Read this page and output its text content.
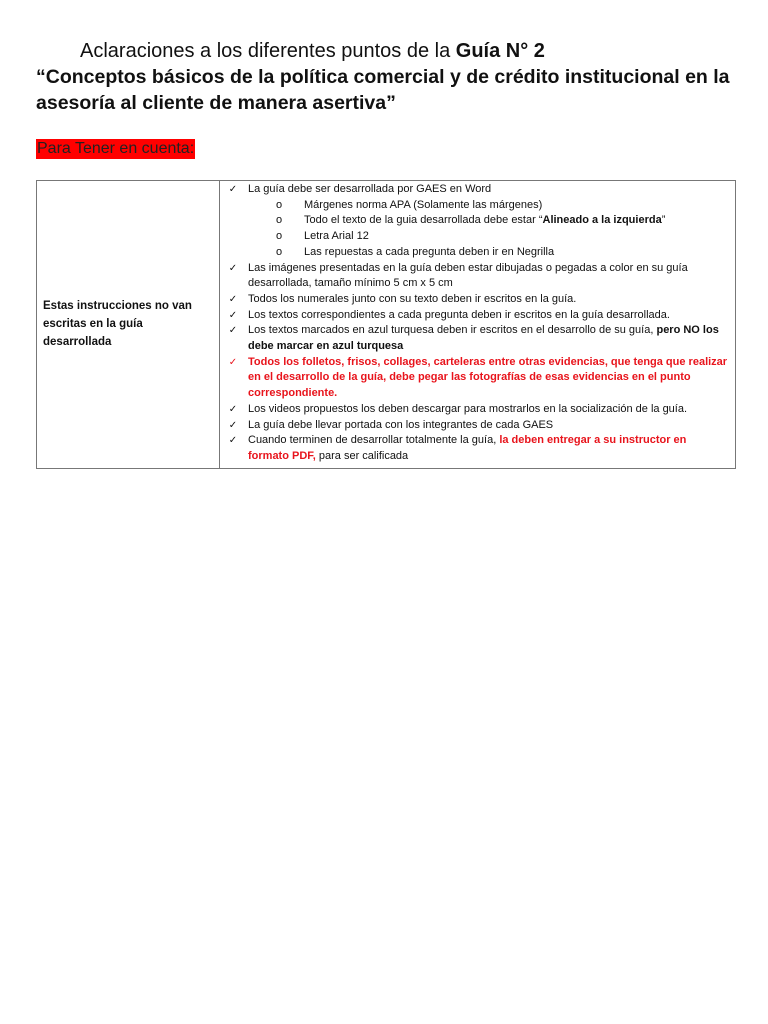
Aclaraciones a los diferentes puntos de la Guía N° 2
“Conceptos básicos de la política comercial y de crédito institucional en la asesoría al cliente de manera asertiva”
Para Tener en cuenta:
Estas instrucciones no van escritas en la guía desarrollada	
✓ La guía debe ser desarrollada por GAES en Word
o Márgenes norma APA (Solamente las márgenes)
o Todo el texto de la guia desarrollada debe estar “Alineado a la izquierda”
o Letra Arial 12
o Las repuestas a cada pregunta deben ir en Negrilla
✓ Las imágenes presentadas en la guía deben estar dibujadas o pegadas a color en su guía desarrollada, tamaño mínimo 5 cm x 5 cm
✓ Todos los numerales junto con su texto deben ir escritos en la guía.
✓ Los textos correspondientes a cada pregunta deben ir escritos en la guía desarrollada.
✓ Los textos marcados en azul turquesa deben ir escritos en el desarrollo de su guía, pero NO los debe marcar en azul turquesa
✓ Todos los folletos, frisos, collages, carteleras entre otras evidencias, que tenga que realizar en el desarrollo de la guía, debe pegar las fotografías de esas evidencias en el punto correspondiente.
✓ Los videos propuestos los deben descargar para mostrarlos en la socialización de la guía.
✓ La guía debe llevar portada con los integrantes de cada GAES
✓ Cuando terminen de desarrollar totalmente la guía, la deben entregar a su instructor en formato PDF, para ser calificada
